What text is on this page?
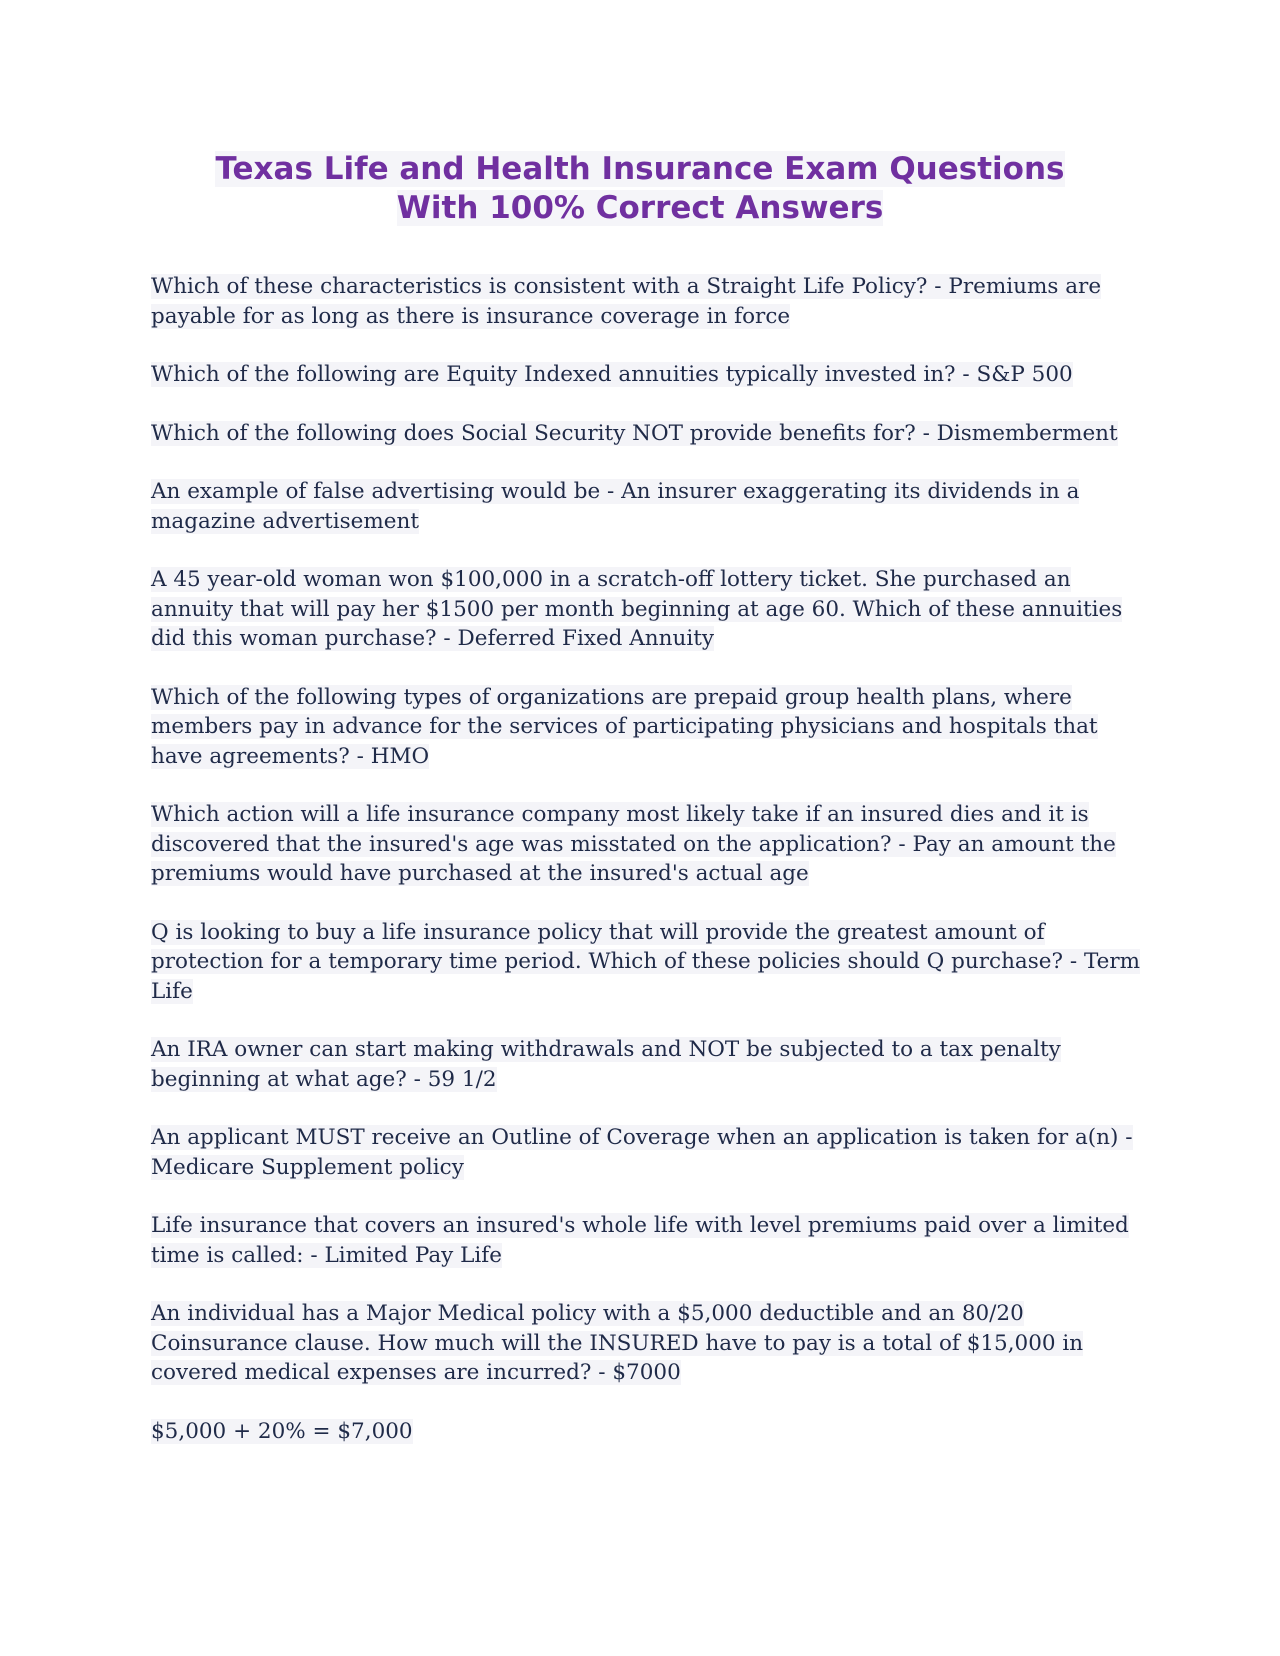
Texas Life and Health Insurance Exam Questions
With 100% Correct Answers

Which of these characteristics is consistent with a Straight Life Policy? - Premiums are payable for as long as there is insurance coverage in force

Which of the following are Equity Indexed annuities typically invested in? - S&P 500

Which of the following does Social Security NOT provide benefits for? - Dismemberment

An example of false advertising would be - An insurer exaggerating its dividends in a magazine advertisement

A 45 year-old woman won $100,000 in a scratch-off lottery ticket. She purchased an annuity that will pay her $1500 per month beginning at age 60. Which of these annuities did this woman purchase? - Deferred Fixed Annuity

Which of the following types of organizations are prepaid group health plans, where members pay in advance for the services of participating physicians and hospitals that have agreements? - HMO

Which action will a life insurance company most likely take if an insured dies and it is discovered that the insured's age was misstated on the application? - Pay an amount the premiums would have purchased at the insured's actual age

Q is looking to buy a life insurance policy that will provide the greatest amount of protection for a temporary time period. Which of these policies should Q purchase? - Term Life

An IRA owner can start making withdrawals and NOT be subjected to a tax penalty beginning at what age? - 59 1/2

An applicant MUST receive an Outline of Coverage when an application is taken for a(n) - Medicare Supplement policy

Life insurance that covers an insured's whole life with level premiums paid over a limited time is called: - Limited Pay Life

An individual has a Major Medical policy with a $5,000 deductible and an 80/20 Coinsurance clause. How much will the INSURED have to pay is a total of $15,000 in covered medical expenses are incurred? - $7000

$5,000 + 20% = $7,000
